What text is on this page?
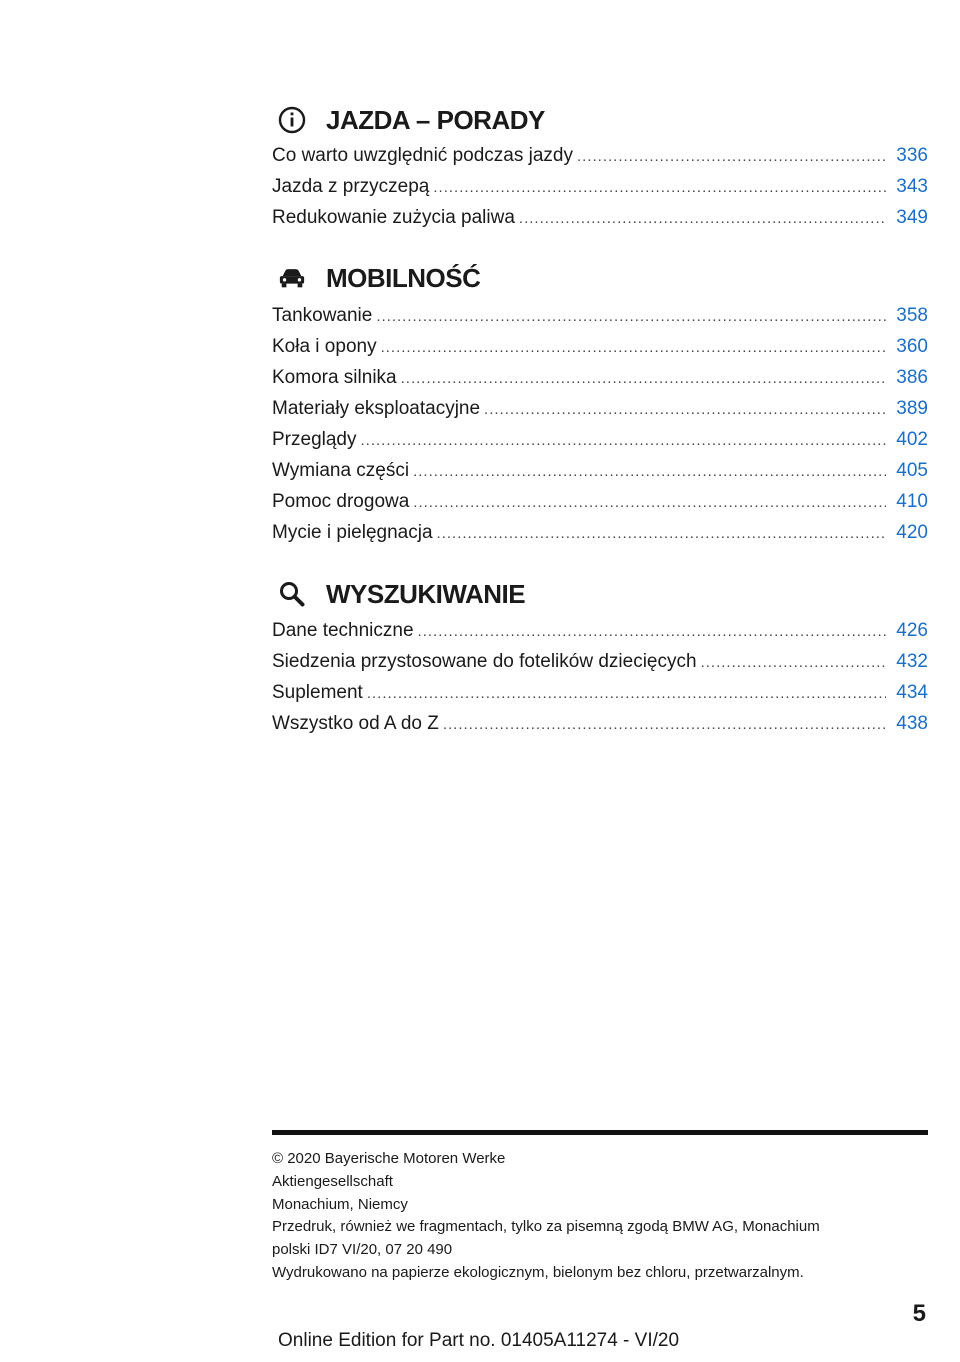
JAZDA – PORADY
Co warto uwzględnić podczas jazdy .....	336
Jazda z przyczepą .....	343
Redukowanie zużycia paliwa .....	349
MOBILNOŚĆ
Tankowanie .....	358
Koła i opony .....	360
Komora silnika .....	386
Materiały eksploatacyjne .....	389
Przeglądy .....	402
Wymiana części .....	405
Pomoc drogowa .....	410
Mycie i pielęgnacja .....	420
WYSZUKIWANIE
Dane techniczne .....	426
Siedzenia przystosowane do fotelików dziecięcych .....	432
Suplement .....	434
Wszystko od A do Z .....	438
© 2020 Bayerische Motoren Werke
Aktiengesellschaft
Monachium, Niemcy
Przedruk, również we fragmentach, tylko za pisemną zgodą BMW AG, Monachium
polski ID7 VI/20, 07 20 490
Wydrukowano na papierze ekologicznym, bielonym bez chloru, przetwarzalnym.
5
Online Edition for Part no. 01405A11274 - VI/20
